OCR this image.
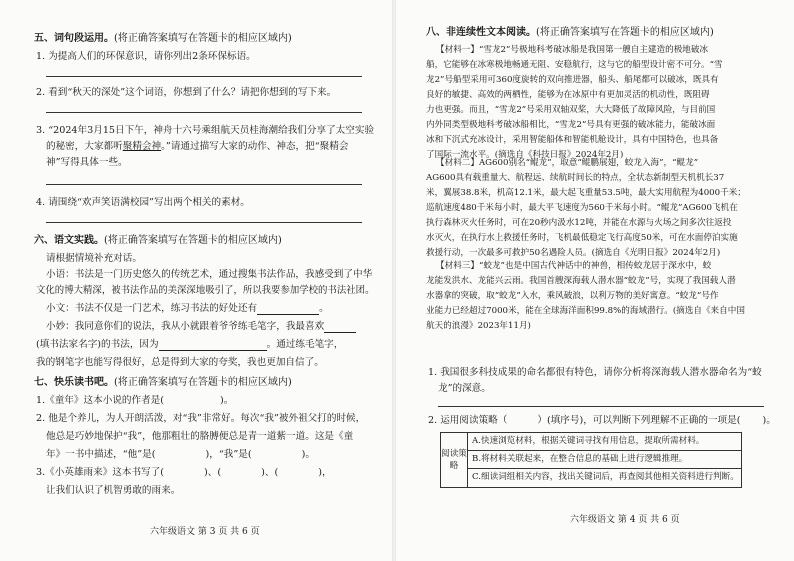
五、词句段运用。(将正确答案填写在答题卡的相应区域内)
1. 为提高人们的环保意识，请你列出2条环保标语。
2. 看到“秋天的深处”这个词语，你想到了什么？请把你想到的写下来。
3. “2024年3月15日下午，神舟十六号乘组航天员桂海潮给我们分享了太空实验
的秘密，大家都听聚精会神。”请通过描写大家的动作、神态，把“聚精会
神”写得具体一些。
4. 请围绕“欢声笑语满校园”写出两个相关的素材。
六、语文实践。(将正确答案填写在答题卡的相应区域内)
请根据情境补充对话。
小语：书法是一门历史悠久的传统艺术，通过搜集书法作品，我感受到了中华
文化的博大精深，被书法作品的美深深地吸引了，所以我要参加学校的书法社团。
小文：书法不仅是一门艺术，练习书法的好处还有	。
小妙：我同意你们的说法，我从小就跟着爷爷练毛笔字，我最喜欢
(填书法家名字)的书法，因为	。通过练毛笔字，
我的钢笔字也能写得很好，总是得到大家的夸奖，我也更加自信了。
七、快乐读书吧。(将正确答案填写在答题卡的相应区域内)
1.《童年》这本小说的作者是(	)。
2. 他是个养儿，为人开朗活泼，对“我”非常好。每次“我”被外祖父打的时候，
他总是巧妙地保护“我”，他那粗壮的胳膊便总是青一道紫一道。这是《童
年》一书中描述，“他”是(	)，“我”是(	)。
3.《小英雄雨来》这本书写了(	)、(	)、(	)，
让我们认识了机智勇敢的雨来。
六年级语文 第 3 页 共 6 页
八、非连续性文本阅读。(将正确答案填写在答题卡的相应区域内)
【材料一】“雪龙2”号极地科考破冰船是我国第一艘自主建造的极地破冰
船，它能够在冰寒极地畅通无阻、安稳航行，这与它的船型设计密不可分。“雪
龙2”号船型采用可360度旋转的双向推进器，船头、船尾都可以破冰，既具有
良好的敏捷、高效的两栖性，能够为在冰原中有更加灵活的机动性，既阻碍
力也更强。而且，“雪龙2”号采用双轴双桨，大大降低了故障风险，与目前国
内外同类型极地科考破冰船相比，“雪龙2”号具有更强的破冰能力，能破冰面
冰和下沉式充冰设计，采用智能船体和智能机舱设计，具有中国特色，也具备
了国际一流水平。(摘选自《科技日报》2024年2月)
【材料二】AG600别名“鲲龙”，取意“鲲鹏展翅，蛟龙入海”，“鲲龙”
AG600具有载重量大、航程远、续航时间长的特点，全状态新制型天机机长37
米，翼展38.8米，机高12.1米，最大起飞重量53.5吨，最大实用航程为4000千米；
巡航速度480千米每小时，最大平飞速度为560千米每小时。“鲲龙”AG600飞机在
执行森林灭火任务时，可在20秒内汲水12吨，并能在水源与火场之间多次往返投
水灭火，在执行水上救援任务时，飞机最低稳定飞行高度50米，可在水面停泊实施
救援行动，一次最多可救护50名遇险人员。(摘选自《光明日报》2024年2月)
【材料三】“蛟龙”也是中国古代神话中的神兽，相传蛟龙居于深水中，蛟
龙能发洪水、龙能兴云雨。我国首艘深海载人潜水器“蛟龙”号，实现了我国载人潜
水器拿的突破，取“蛟龙”入水，乘风破浪，以利万物的美好寓意。“蛟龙”号作
业能力已经超过7000米，能在全球海洋面积99.8%的海域潜行。(摘选自《来自中国
航天的浪漫》2023年11月)
1. 我国很多科技成果的命名都很有特色，请你分析将深海载人潜水器命名为“蛟
龙”的深意。
2. 运用阅读策略（	）(填序号)，可以判断下列理解不正确的一项是( )。
阅读策略
A.快速浏览材料，根据关键词寻找有用信息，提取所需材料。
B.将材料关联起来，在整合信息的基础上进行逻辑推理。
C.细读词组相关内容，找出关键词后，再查阅其他相关资料进行判断。
六年级语文 第 4 页 共 6 页
